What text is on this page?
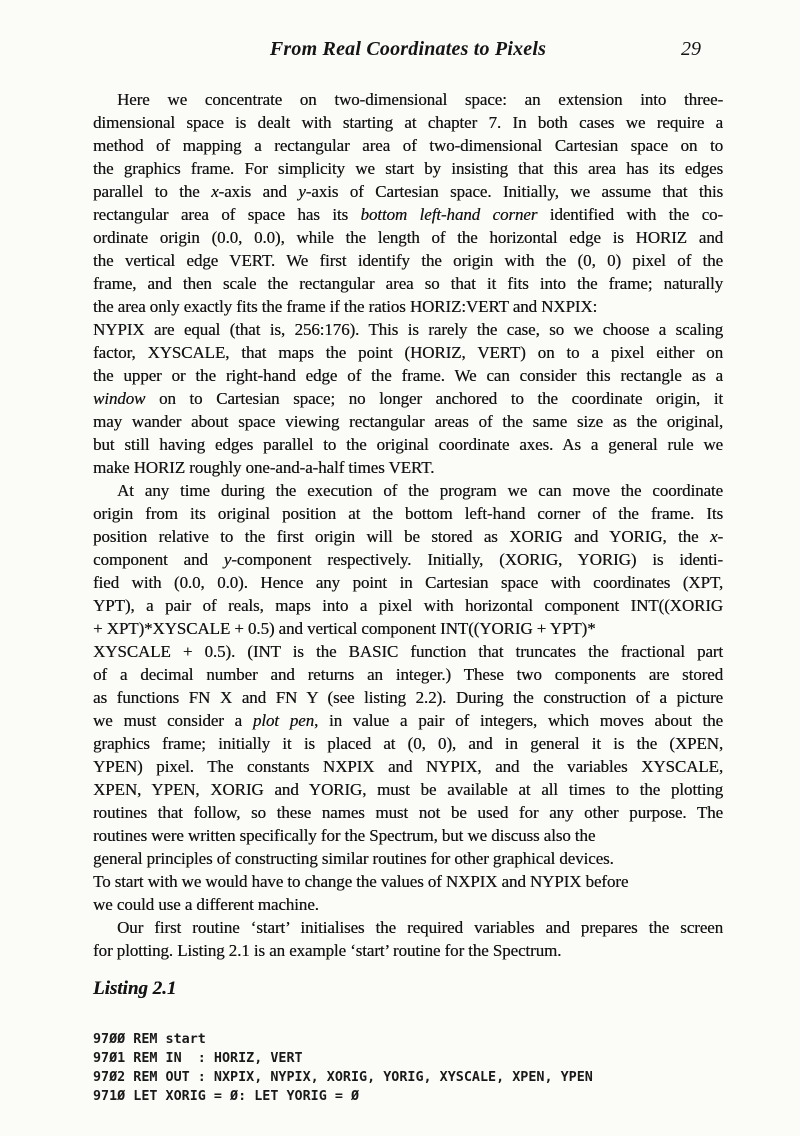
From Real Coordinates to Pixels	29
Here we concentrate on two-dimensional space: an extension into three-
dimensional space is dealt with starting at chapter 7. In both cases we require a
method of mapping a rectangular area of two-dimensional Cartesian space on to
the graphics frame. For simplicity we start by insisting that this area has its edges
parallel to the x-axis and y-axis of Cartesian space. Initially, we assume that this
rectangular area of space has its bottom left-hand corner identified with the co-
ordinate origin (0.0, 0.0), while the length of the horizontal edge is HORIZ and
the vertical edge VERT. We first identify the origin with the (0, 0) pixel of the
frame, and then scale the rectangular area so that it fits into the frame; naturally
the area only exactly fits the frame if the ratios HORIZ:VERT and NXPIX:
NYPIX are equal (that is, 256:176). This is rarely the case, so we choose a scaling
factor, XYSCALE, that maps the point (HORIZ, VERT) on to a pixel either on
the upper or the right-hand edge of the frame. We can consider this rectangle as a
window on to Cartesian space; no longer anchored to the coordinate origin, it
may wander about space viewing rectangular areas of the same size as the original,
but still having edges parallel to the original coordinate axes. As a general rule we
make HORIZ roughly one-and-a-half times VERT.
At any time during the execution of the program we can move the coordinate
origin from its original position at the bottom left-hand corner of the frame. Its
position relative to the first origin will be stored as XORIG and YORIG, the x-
component and y-component respectively. Initially, (XORIG, YORIG) is identi-
fied with (0.0, 0.0). Hence any point in Cartesian space with coordinates (XPT,
YPT), a pair of reals, maps into a pixel with horizontal component INT((XORIG
+ XPT)*XYSCALE + 0.5) and vertical component INT((YORIG + YPT)*
XYSCALE + 0.5). (INT is the BASIC function that truncates the fractional part
of a decimal number and returns an integer.) These two components are stored
as functions FN X and FN Y (see listing 2.2). During the construction of a picture
we must consider a plot pen, in value a pair of integers, which moves about the
graphics frame; initially it is placed at (0, 0), and in general it is the (XPEN,
YPEN) pixel. The constants NXPIX and NYPIX, and the variables XYSCALE,
XPEN, YPEN, XORIG and YORIG, must be available at all times to the plotting
routines that follow, so these names must not be used for any other purpose. The
routines were written specifically for the Spectrum, but we discuss also the
general principles of constructing similar routines for other graphical devices.
To start with we would have to change the values of NXPIX and NYPIX before
we could use a different machine.
Our first routine ‘start’ initialises the required variables and prepares the screen
for plotting. Listing 2.1 is an example ‘start’ routine for the Spectrum.
Listing 2.1
97ØØ REM start
97Ø1 REM IN  : HORIZ, VERT
97Ø2 REM OUT : NXPIX, NYPIX, XORIG, YORIG, XYSCALE, XPEN, YPEN
971Ø LET XORIG = Ø: LET YORIG = Ø
